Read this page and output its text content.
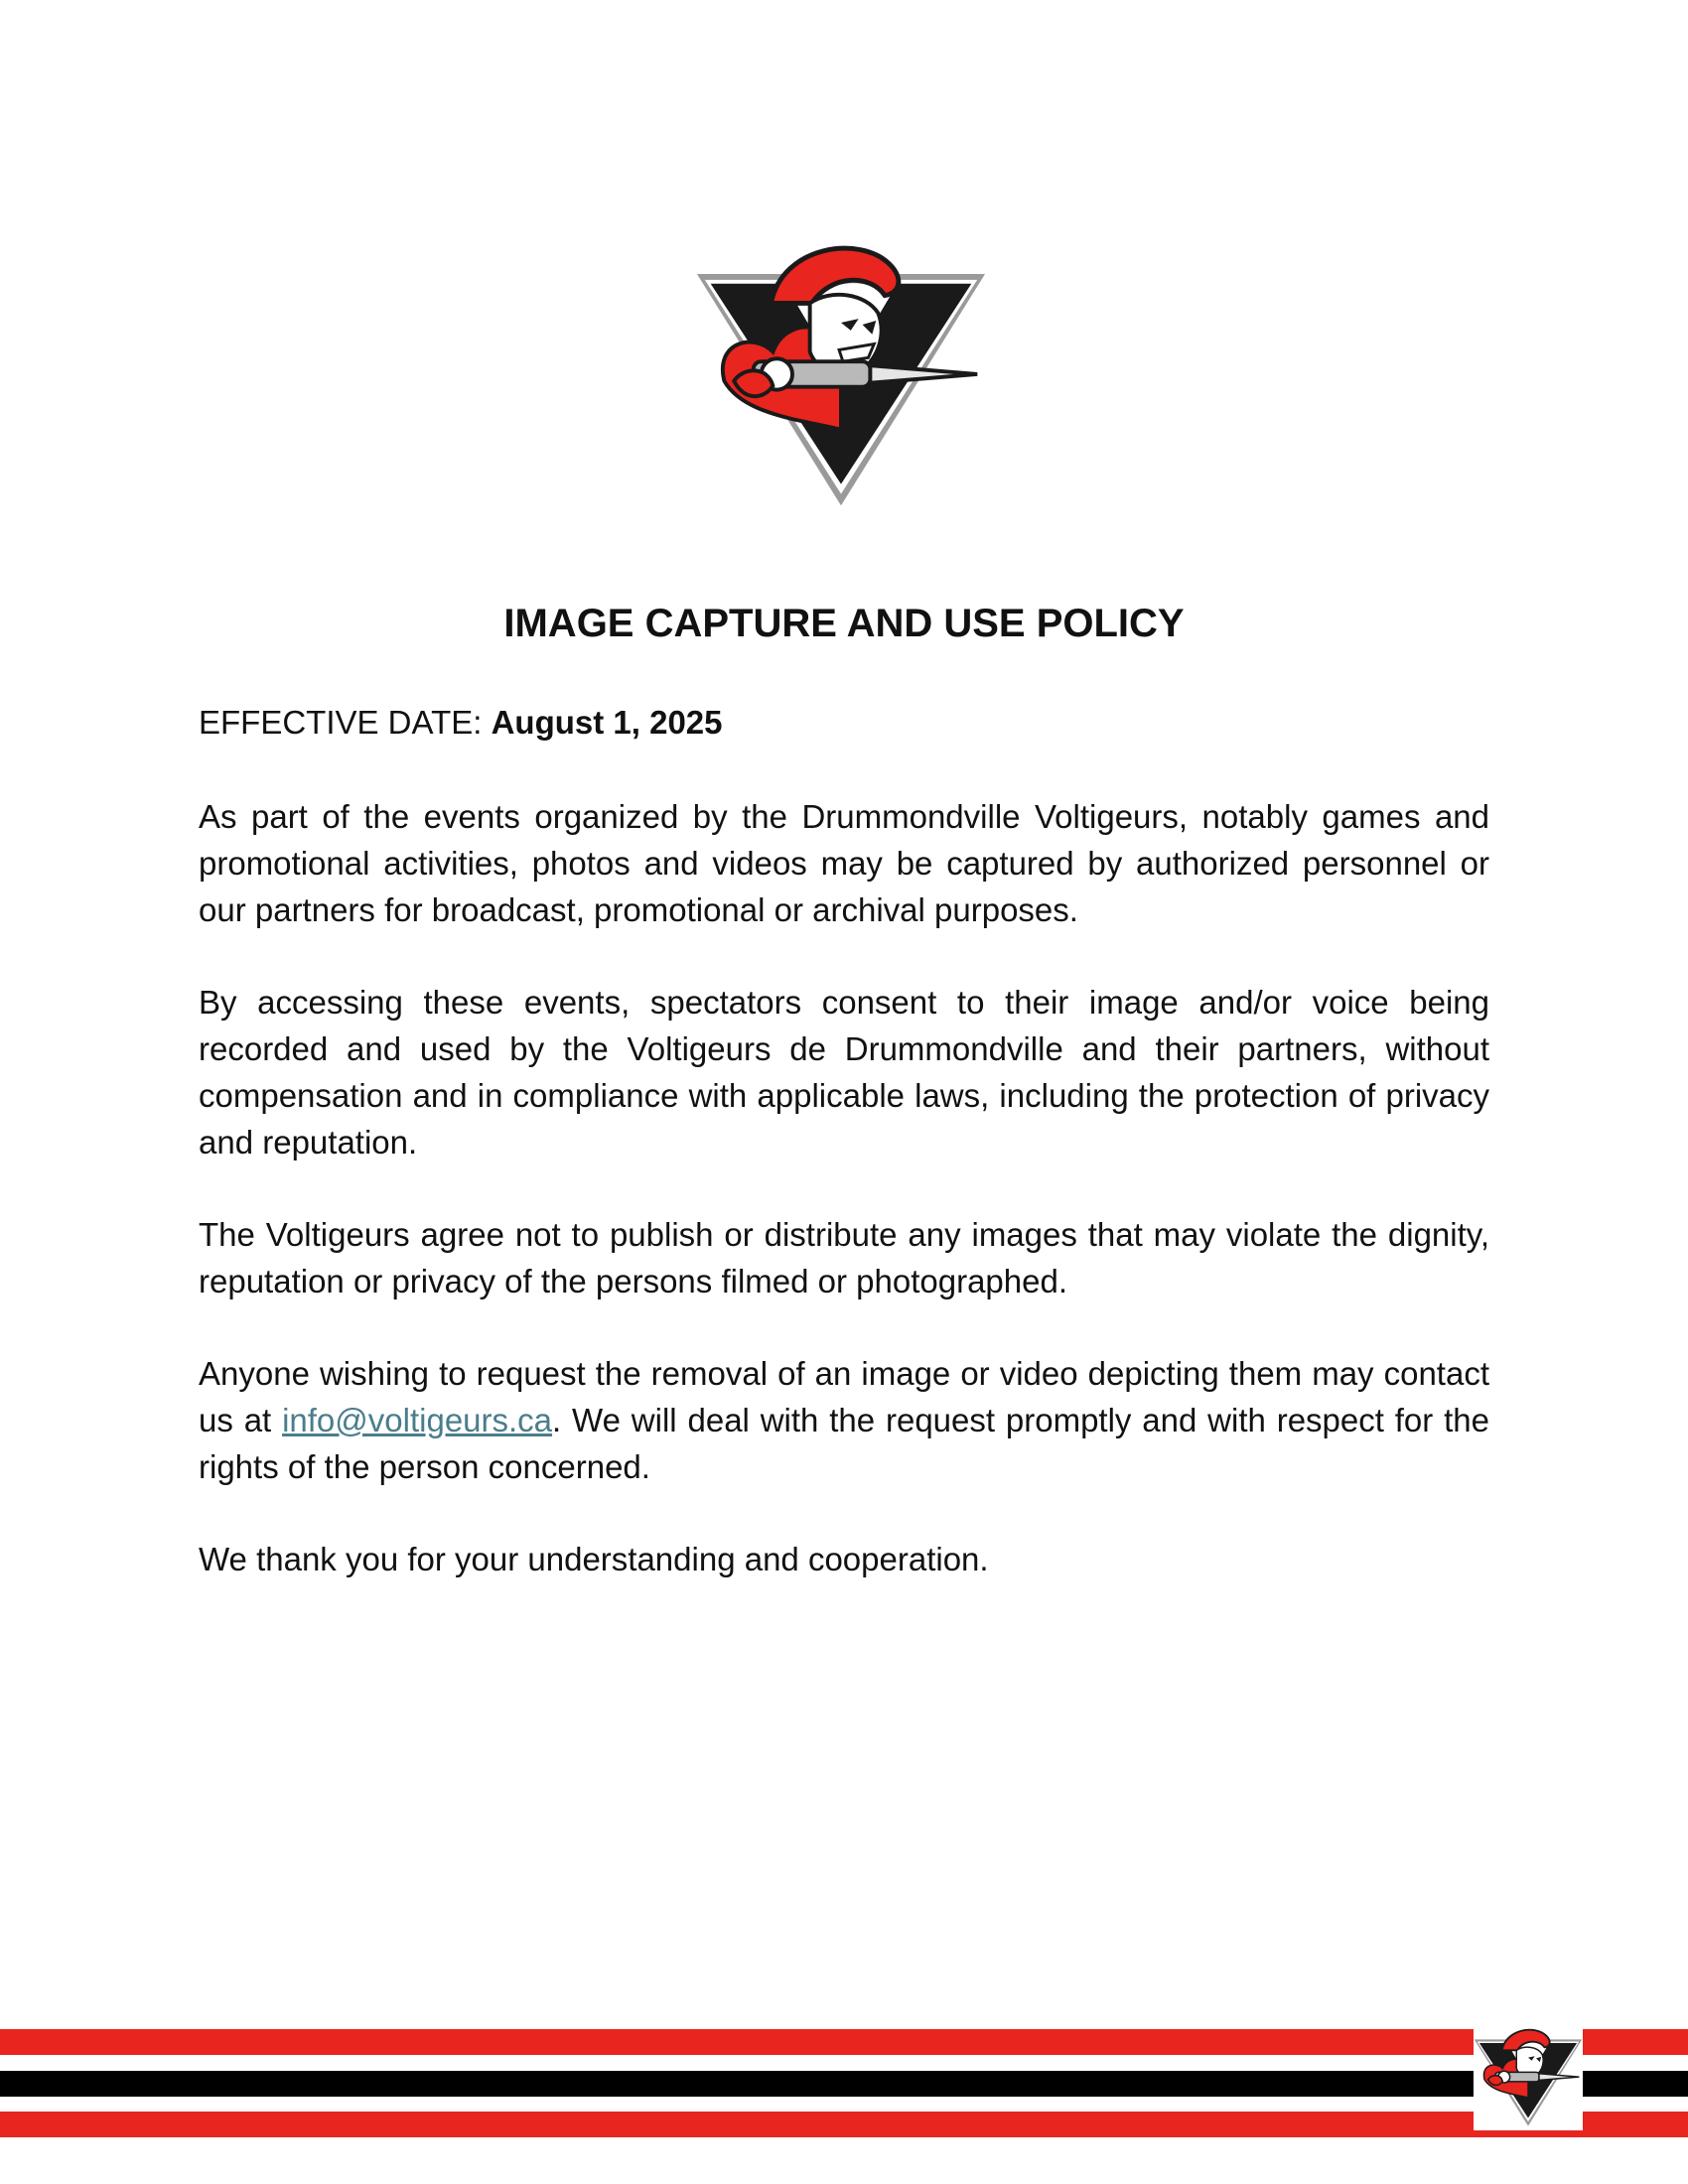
IMAGE CAPTURE AND USE POLICY

EFFECTIVE DATE: August 1, 2025

As part of the events organized by the Drummondville Voltigeurs, notably games and promotional activities, photos and videos may be captured by authorized personnel or our partners for broadcast, promotional or archival purposes.

By accessing these events, spectators consent to their image and/or voice being recorded and used by the Voltigeurs de Drummondville and their partners, without compensation and in compliance with applicable laws, including the protection of privacy and reputation.

The Voltigeurs agree not to publish or distribute any images that may violate the dignity, reputation or privacy of the persons filmed or photographed.

Anyone wishing to request the removal of an image or video depicting them may contact us at info@voltigeurs.ca. We will deal with the request promptly and with respect for the rights of the person concerned.

We thank you for your understanding and cooperation.
